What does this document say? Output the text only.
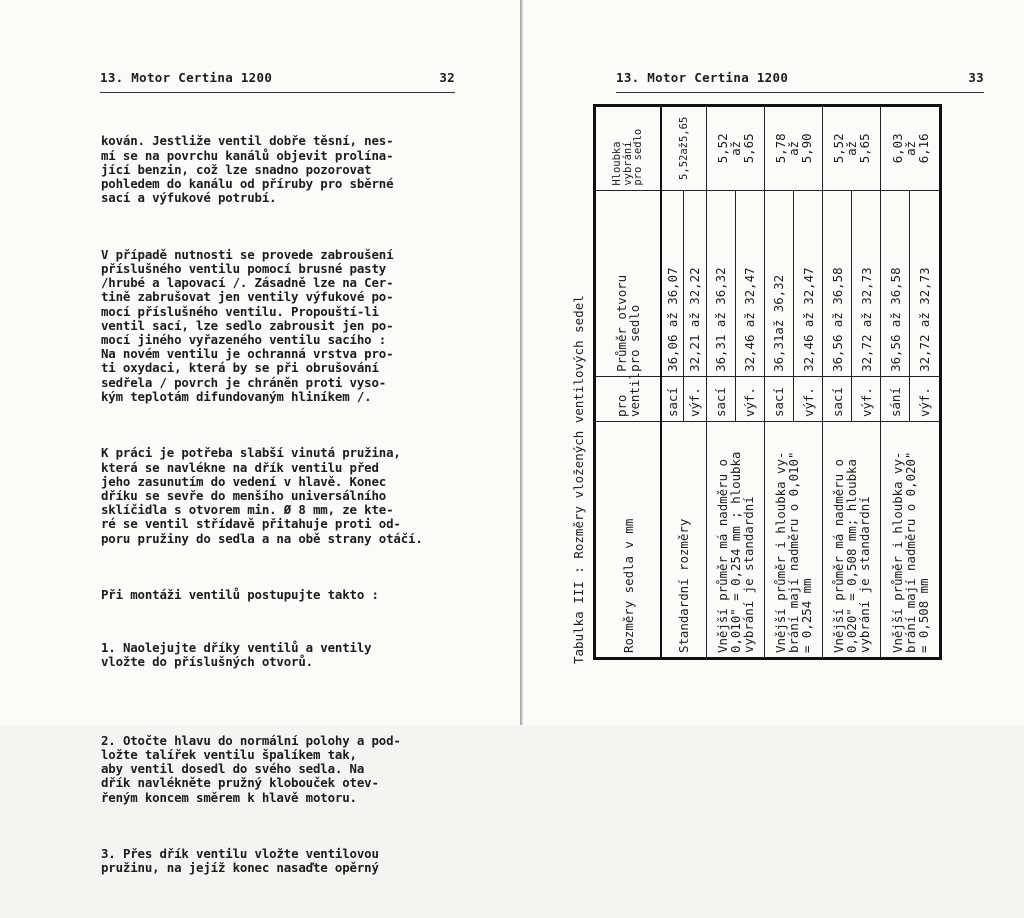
13. Motor Certina 1200	32

kován. Jestliže ventil dobře těsní, nes-
mí se na povrchu kanálů objevit prolína-
jící benzin, což lze snadno pozorovat
pohledem do kanálu od příruby pro sběrné
sací a výfukové potrubí.

V případě nutnosti se provede zabroušení
příslušného ventilu pomocí brusné pasty
/hrubé a lapovací /. Zásadně lze na Cer-
tině zabrušovat jen ventily výfukové po-
mocí příslušného ventilu. Propouští-li
ventil sací, lze sedlo zabrousit jen po-
mocí jiného vyřazeného ventilu sacího :
Na novém ventilu je ochranná vrstva pro-
ti oxydaci, která by se při obrušování
sedřela / povrch je chráněn proti vyso-
kým teplotám difundovaným hliníkem /.

K práci je potřeba slabší vinutá pružina,
která se navlékne na dřík ventilu před
jeho zasunutím do vedení v hlavě. Konec
dříku se sevře do menšího universálního
sklíčidla s otvorem min. Ø 8 mm, ze kte-
ré se ventil střídavě přitahuje proti od-
poru pružiny do sedla a na obě strany otáčí.

Při montáži ventilů postupujte takto :

1. Naolejujte dříky ventilů a ventily
vložte do příslušných otvorů.

2. Otočte hlavu do normální polohy a pod-
ložte talířek ventilu špalíkem tak,
aby ventil dosedl do svého sedla. Na
dřík navlékněte pružný klobouček otev-
řeným koncem směrem k hlavě motoru.

3. Přes dřík ventilu vložte ventilovou
pružinu, na jejíž konec nasaďte opěrný

13. Motor Certina 1200	33
Tabulka III : Rozměry vložených ventilových sedel	Rozměry sedla v mm	pro
ventil	Průměr otvoru
pro sedlo	Hloubka
vybrání
pro sedlo
Standardní rozměry	sací	36,06 až 36,07	5,52až5,65
	výf.	32,21 až 32,22	
Vnější průměr má nadměru o
0,010" = 0,254 mm ; hloubka
vybrání je standardní	sací	36,31 až 36,32	5,52
až
5,65
	výf.	32,46 až 32,47	
Vnější průměr i hloubka vy-
brání mají nadměru o 0,010"
= 0,254 mm	sací	36,31až 36,32	5,78
až
5,90
	výf.	32,46 až 32,47	
Vnější průměr má nadměru o
0,020" = 0,508 mm; hloubka
vybrání je standardní	sací	36,56 až 36,58	5,52
až
5,65
	výf.	32,72 až 32,73	
Vnější průměr i hloubka vy-
brání mají nadměru o 0,020"
= 0,508 mm	sání	36,56 až 36,58	6,03
až
6,16
	výf.	32,72 až 32,73	
